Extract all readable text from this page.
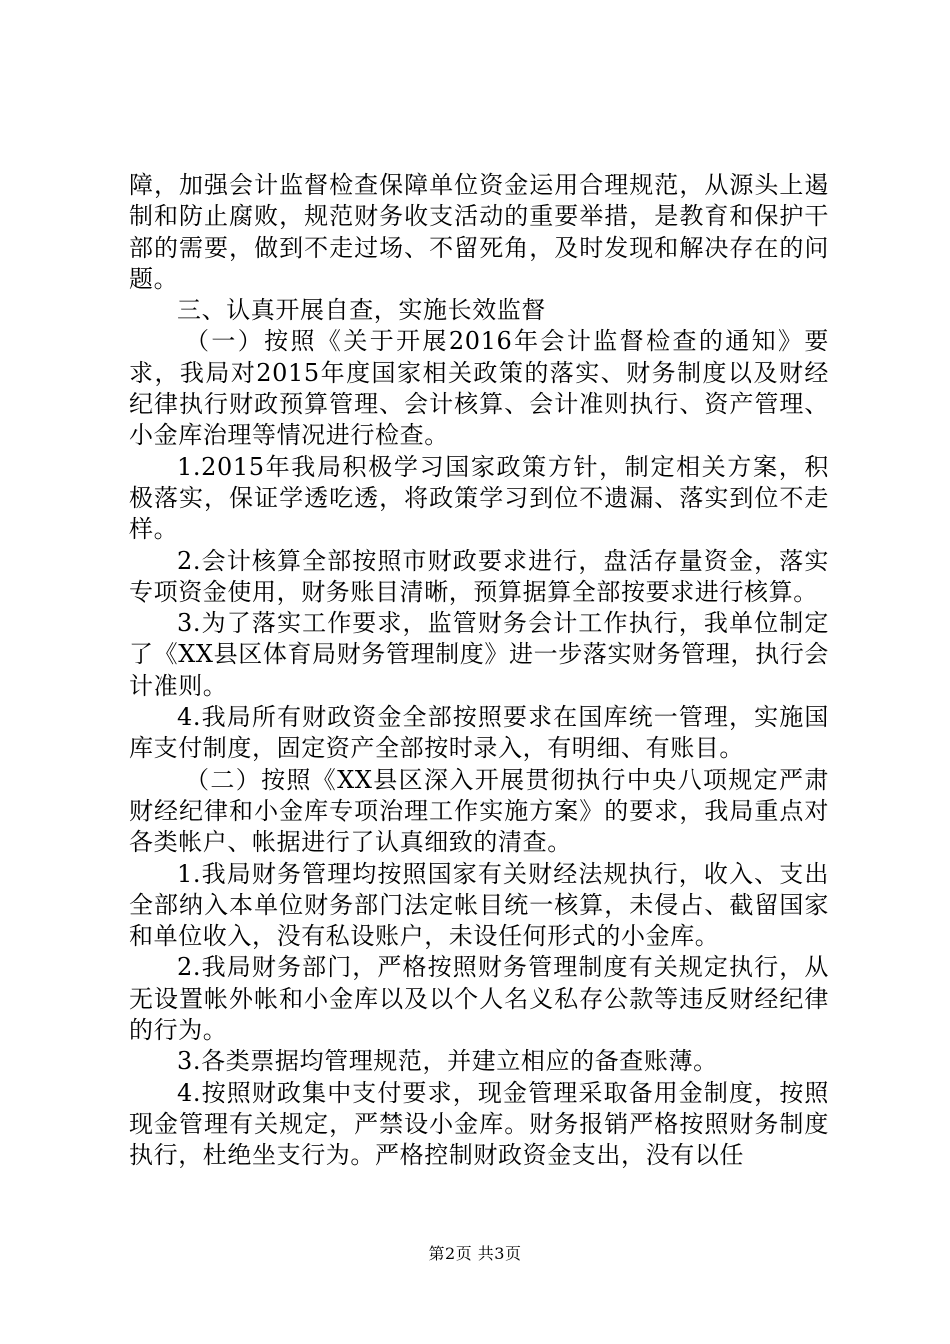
障，加强会计监督检查保障单位资金运用合理规范，从源头上遏制和防止腐败，规范财务收支活动的重要举措，是教育和保护干部的需要，做到不走过场、不留死角，及时发现和解决存在的问题。

三、认真开展自查，实施长效监督

（一）按照《关于开展2016年会计监督检查的通知》要求，我局对2015年度国家相关政策的落实、财务制度以及财经纪律执行财政预算管理、会计核算、会计准则执行、资产管理、小金库治理等情况进行检查。

1.2015年我局积极学习国家政策方针，制定相关方案，积极落实，保证学透吃透，将政策学习到位不遗漏、落实到位不走样。

2.会计核算全部按照市财政要求进行，盘活存量资金，落实专项资金使用，财务账目清晰，预算据算全部按要求进行核算。

3.为了落实工作要求，监管财务会计工作执行，我单位制定了《XX县区体育局财务管理制度》进一步落实财务管理，执行会计准则。

4.我局所有财政资金全部按照要求在国库统一管理，实施国库支付制度，固定资产全部按时录入，有明细、有账目。

（二）按照《XX县区深入开展贯彻执行中央八项规定严肃财经纪律和小金库专项治理工作实施方案》的要求，我局重点对各类帐户、帐据进行了认真细致的清查。

1.我局财务管理均按照国家有关财经法规执行，收入、支出全部纳入本单位财务部门法定帐目统一核算，未侵占、截留国家和单位收入，没有私设账户，未设任何形式的小金库。

2.我局财务部门，严格按照财务管理制度有关规定执行，从无设置帐外帐和小金库以及以个人名义私存公款等违反财经纪律的行为。

3.各类票据均管理规范，并建立相应的备查账薄。

4.按照财政集中支付要求，现金管理采取备用金制度，按照现金管理有关规定，严禁设小金库。财务报销严格按照财务制度执行，杜绝坐支行为。严格控制财政资金支出，没有以任

第2页 共3页
